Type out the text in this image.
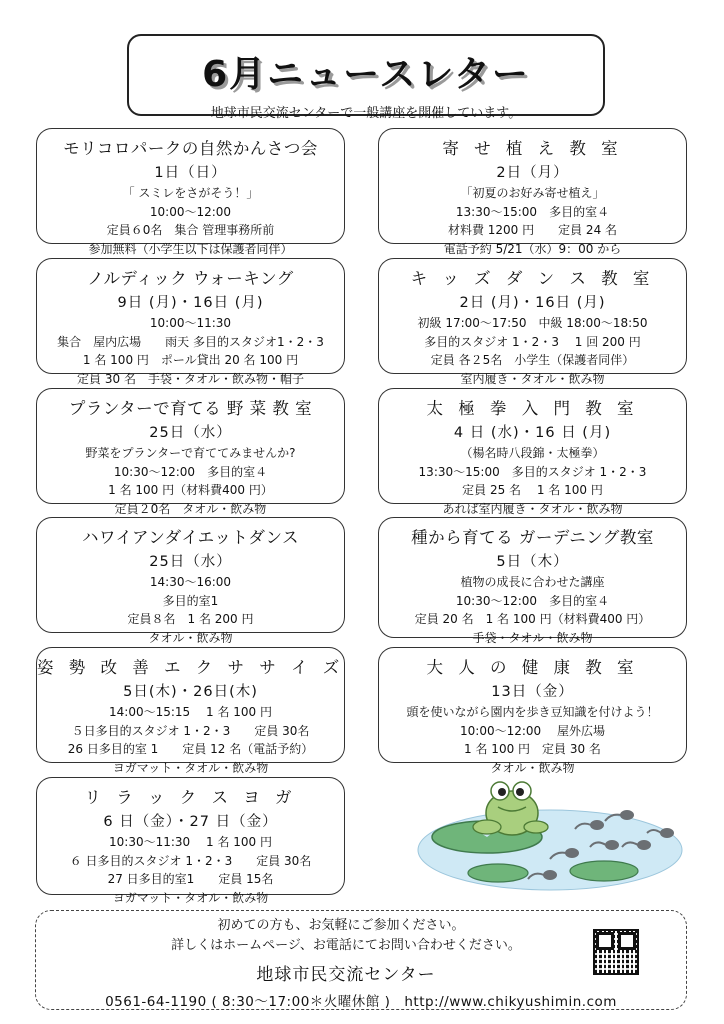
6月ニュースレター
地球市民交流センターで一般講座を開催しています。
モリコロパークの自然かんさつ会
1日（日）
「 スミレをさがそう！」
10:00～12:00
定員６0名　集合 管理事務所前
参加無料（小学生以下は保護者同伴）
ノルディック ウォーキング
9日 (月)・16日 (月)
10:00～11:30
集合　屋内広場　　雨天 多目的スタジオ1・2・3
1 名 100 円　ポール貸出 20 名 100 円
定員 30 名　手袋・タオル・飲み物・帽子
プランターで育てる 野 菜 教 室
25日（水）
野菜をプランターで育ててみませんか?
10:30～12:00　多目的室４
1 名 100 円（材料費400 円）
定員２0名　タオル・飲み物
ハワイアンダイエットダンス
25日（水）
14:30～16:00
多目的室1
定員８名　1 名 200 円
タオル・飲み物
姿 勢 改 善 エ ク サ サ イ ズ
5日(木)・26日(木)
14:00～15:15　 1 名 100 円
５日多目的スタジオ 1・2・3　　定員 30名
26 日多目的室 1　　定員 12 名（電話予約）
ヨガマット・タオル・飲み物
リ ラ ッ ク ス ヨ ガ
6 日（金）・27 日（金）
10:30～11:30　 1 名 100 円
６ 日多目的スタジオ 1・2・3　　定員 30名
27 日多目的室1　　定員 15名
ヨガマット・タオル・飲み物
寄 せ 植 え 教 室
2日（月）
「初夏のお好み寄せ植え」
13:30～15:00　多目的室４
材料費 1200 円　　定員 24 名
電話予約 5/21（水）9：00 から
キ ッ ズ ダ ン ス 教 室
2日 (月)・16日 (月)
初級 17:00～17:50　中級 18:00～18:50
多目的スタジオ 1・2・3　 1 回 200 円
定員 各２5名　小学生（保護者同伴）
室内履き・タオル・飲み物
太 極 拳 入 門 教 室
4 日 (水)・16 日 (月)
（楊名時八段錦・太極拳）
13:30～15:00　多目的スタジオ 1・2・3
定員 25 名　 1 名 100 円
あれば室内履き・タオル・飲み物
種から育てる ガーデニング教室
5日（木）
植物の成長に合わせた講座
10:30～12:00　多目的室４
定員 20 名　1 名 100 円（材料費400 円）
手袋・タオル・飲み物
大 人 の 健 康 教 室
13日（金）
頭を使いながら園内を歩き豆知識を付けよう！
10:00～12:00　 屋外広場
1 名 100 円　定員 30 名
タオル・飲み物
初めての方も、お気軽にご参加ください。
詳しくはホームページ、お電話にてお問い合わせください。
地球市民交流センター
0561-64-1190 ( 8:30～17:00＊火曜休館 )　http://www.chikyushimin.com
